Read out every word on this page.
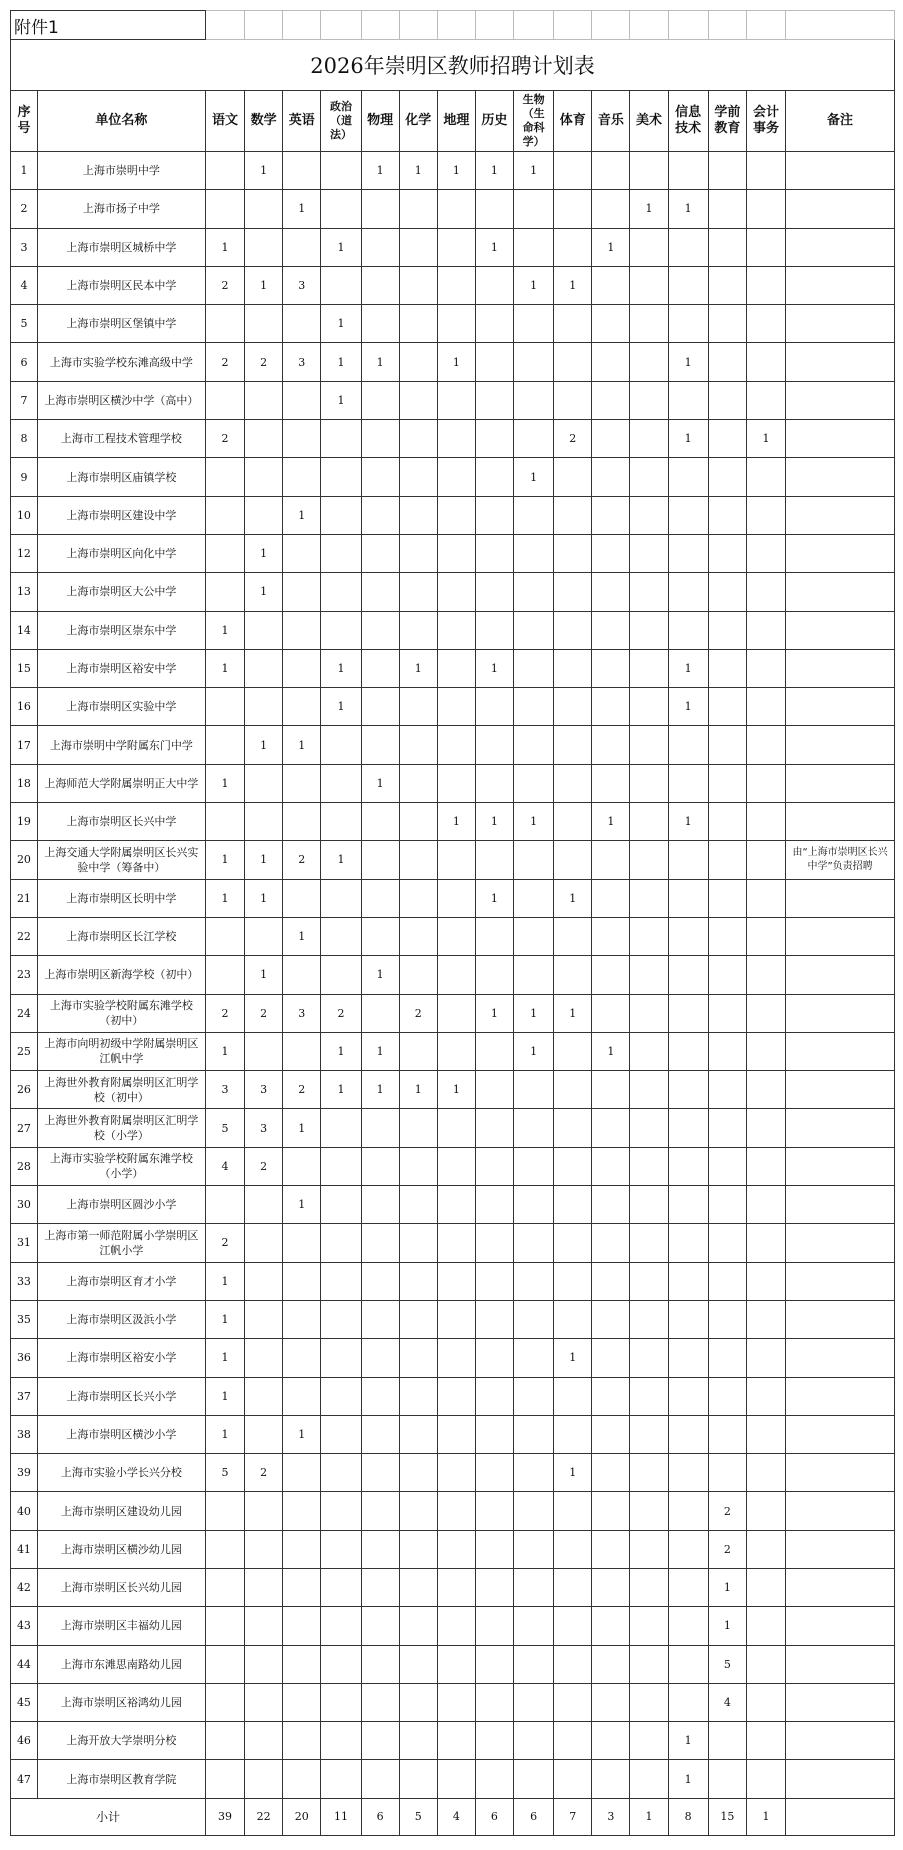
附件1																	
2026年崇明区教师招聘计划表																	
序号	单位名称	语文	数学	英语	政治（道法）	物理	化学	地理	历史	生物（生命科学）	体育	音乐	美术	信息技术	学前教育	会计事务	备注
1	上海市崇明中学		1			1	1	1	1	1							
2	上海市扬子中学			1									1	1			
3	上海市崇明区城桥中学	1			1				1			1					
4	上海市崇明区民本中学	2	1	3						1	1						
5	上海市崇明区堡镇中学				1												
6	上海市实验学校东滩高级中学	2	2	3	1	1		1						1			
7	上海市崇明区横沙中学（高中）				1												
8	上海市工程技术管理学校	2									2			1		1	
9	上海市崇明区庙镇学校									1							
10	上海市崇明区建设中学			1													
12	上海市崇明区向化中学		1														
13	上海市崇明区大公中学		1														
14	上海市崇明区崇东中学	1															
15	上海市崇明区裕安中学	1			1		1		1					1			
16	上海市崇明区实验中学				1									1			
17	上海市崇明中学附属东门中学		1	1													
18	上海师范大学附属崇明正大中学	1				1											
19	上海市崇明区长兴中学							1	1	1		1		1			
20	上海交通大学附属崇明区长兴实验中学（筹备中）	1	1	2	1												由“上海市崇明区长兴中学”负责招聘
21	上海市崇明区长明中学	1	1						1		1						
22	上海市崇明区长江学校			1													
23	上海市崇明区新海学校（初中）		1			1											
24	上海市实验学校附属东滩学校（初中）	2	2	3	2		2		1	1	1						
25	上海市向明初级中学附属崇明区江帆中学	1			1	1				1		1					
26	上海世外教育附属崇明区汇明学校（初中）	3	3	2	1	1	1	1									
27	上海世外教育附属崇明区汇明学校（小学）	5	3	1													
28	上海市实验学校附属东滩学校（小学）	4	2														
30	上海市崇明区圆沙小学			1													
31	上海市第一师范附属小学崇明区江帆小学	2															
33	上海市崇明区育才小学	1															
35	上海市崇明区汲浜小学	1															
36	上海市崇明区裕安小学	1									1						
37	上海市崇明区长兴小学	1															
38	上海市崇明区横沙小学	1		1													
39	上海市实验小学长兴分校	5	2								1						
40	上海市崇明区建设幼儿园														2		
41	上海市崇明区横沙幼儿园														2		
42	上海市崇明区长兴幼儿园														1		
43	上海市崇明区丰福幼儿园														1		
44	上海市东滩思南路幼儿园														5		
45	上海市崇明区裕鸿幼儿园														4		
46	上海开放大学崇明分校													1			
47	上海市崇明区教育学院													1			
小计		39	22	20	11	6	5	4	6	6	7	3	1	8	15	1	
